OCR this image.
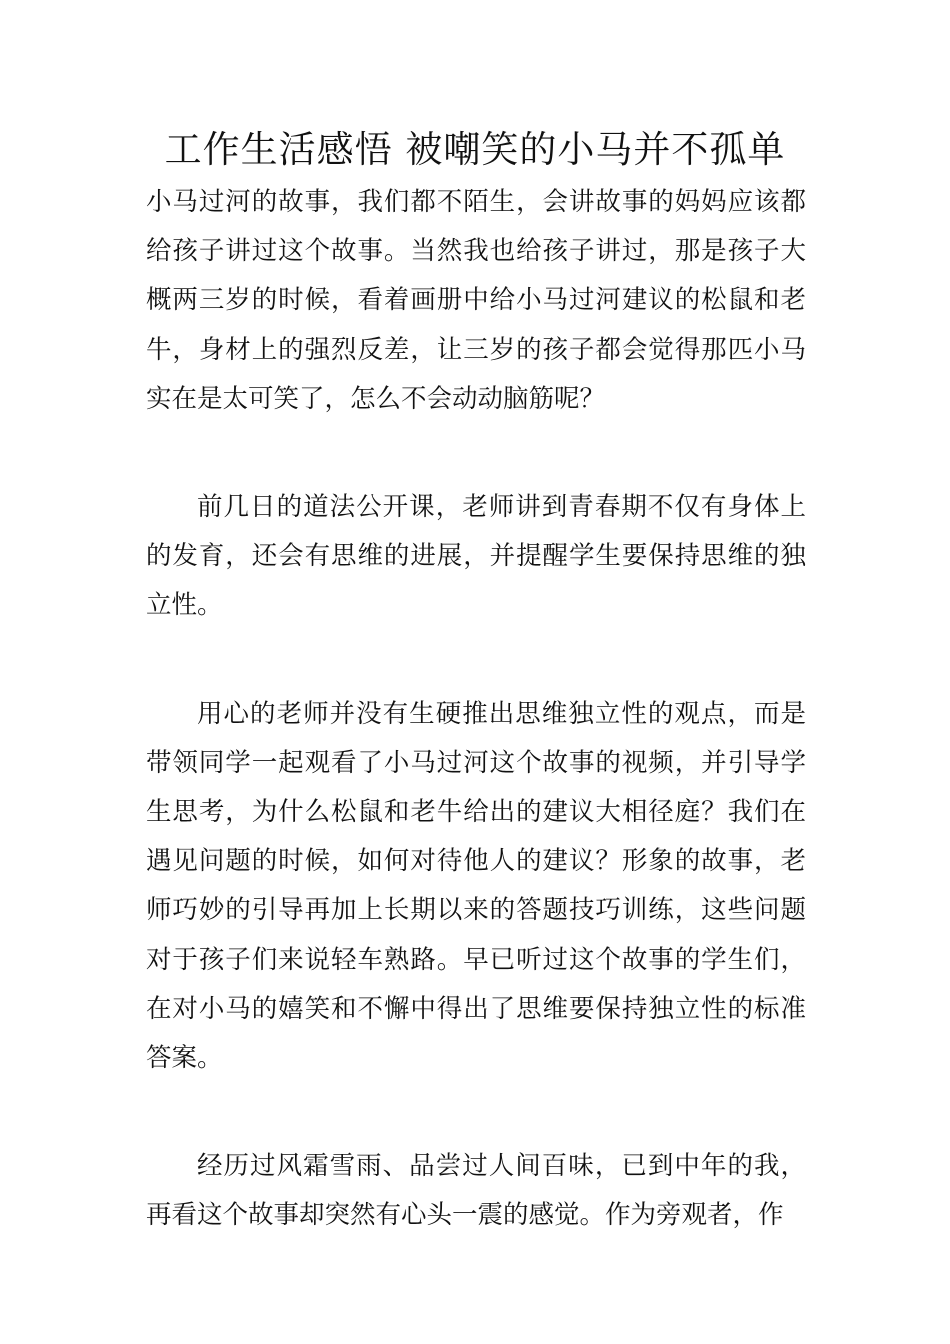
工作生活感悟 被嘲笑的小马并不孤单

小马过河的故事，我们都不陌生，会讲故事的妈妈应该都给孩子讲过这个故事。当然我也给孩子讲过，那是孩子大概两三岁的时候，看着画册中给小马过河建议的松鼠和老牛，身材上的强烈反差，让三岁的孩子都会觉得那匹小马实在是太可笑了，怎么不会动动脑筋呢？

前几日的道法公开课，老师讲到青春期不仅有身体上的发育，还会有思维的进展，并提醒学生要保持思维的独立性。

用心的老师并没有生硬推出思维独立性的观点，而是带领同学一起观看了小马过河这个故事的视频，并引导学生思考，为什么松鼠和老牛给出的建议大相径庭？我们在遇见问题的时候，如何对待他人的建议？形象的故事，老师巧妙的引导再加上长期以来的答题技巧训练，这些问题对于孩子们来说轻车熟路。早已听过这个故事的学生们，在对小马的嬉笑和不懈中得出了思维要保持独立性的标准答案。

经历过风霜雪雨、品尝过人间百味，已到中年的我，再看这个故事却突然有心头一震的感觉。作为旁观者，作
